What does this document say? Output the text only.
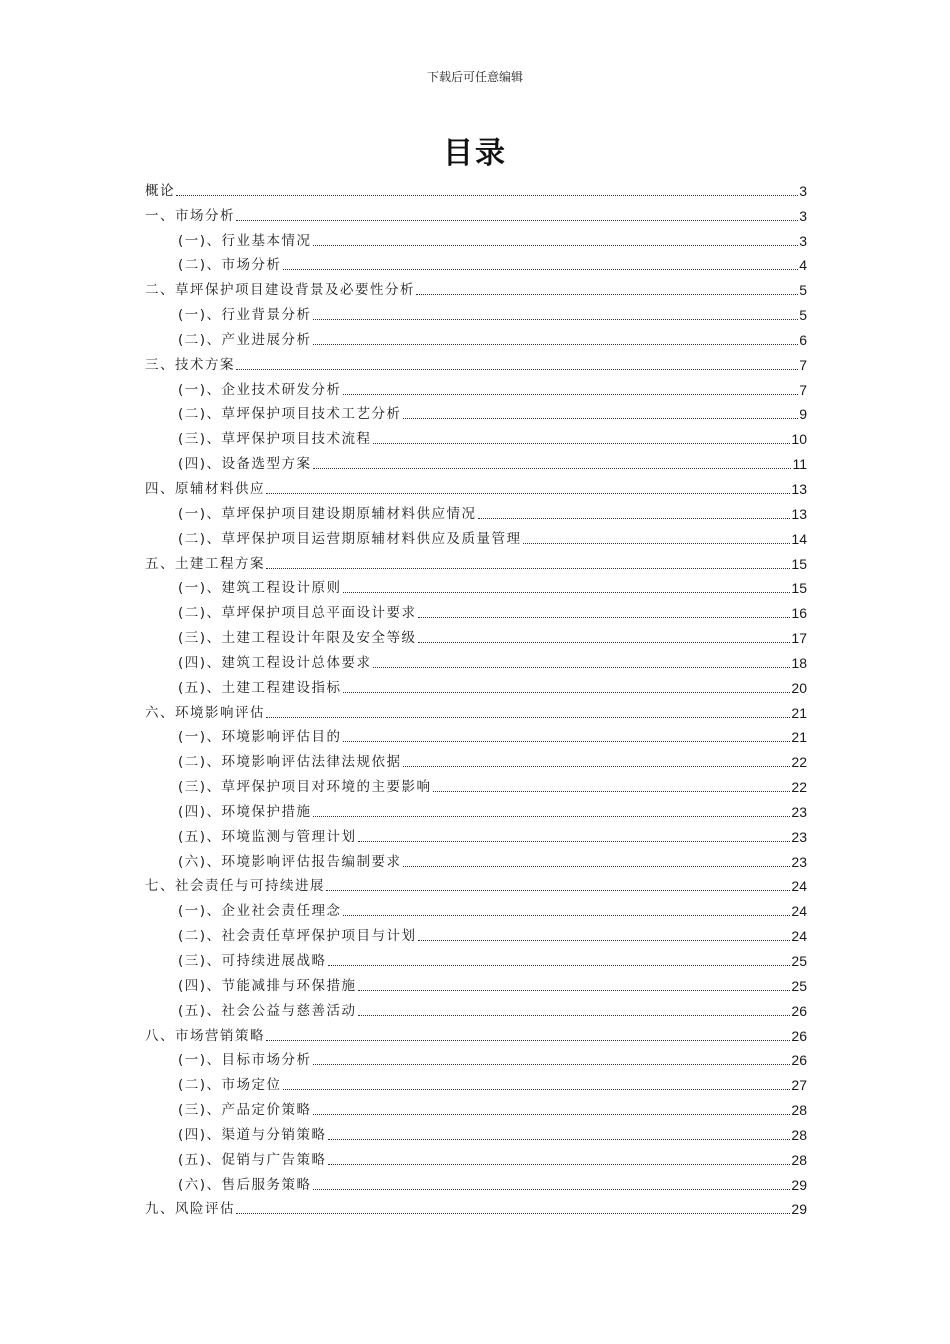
下载后可任意编辑
目录
概论	3
一、市场分析	3
(一)、行业基本情况	3
(二)、市场分析	4
二、草坪保护项目建设背景及必要性分析	5
(一)、行业背景分析	5
(二)、产业进展分析	6
三、技术方案	7
(一)、企业技术研发分析	7
(二)、草坪保护项目技术工艺分析	9
(三)、草坪保护项目技术流程	10
(四)、设备选型方案	11
四、原辅材料供应	13
(一)、草坪保护项目建设期原辅材料供应情况	13
(二)、草坪保护项目运营期原辅材料供应及质量管理	14
五、土建工程方案	15
(一)、建筑工程设计原则	15
(二)、草坪保护项目总平面设计要求	16
(三)、土建工程设计年限及安全等级	17
(四)、建筑工程设计总体要求	18
(五)、土建工程建设指标	20
六、环境影响评估	21
(一)、环境影响评估目的	21
(二)、环境影响评估法律法规依据	22
(三)、草坪保护项目对环境的主要影响	22
(四)、环境保护措施	23
(五)、环境监测与管理计划	23
(六)、环境影响评估报告编制要求	23
七、社会责任与可持续进展	24
(一)、企业社会责任理念	24
(二)、社会责任草坪保护项目与计划	24
(三)、可持续进展战略	25
(四)、节能减排与环保措施	25
(五)、社会公益与慈善活动	26
八、市场营销策略	26
(一)、目标市场分析	26
(二)、市场定位	27
(三)、产品定价策略	28
(四)、渠道与分销策略	28
(五)、促销与广告策略	28
(六)、售后服务策略	29
九、风险评估	29
